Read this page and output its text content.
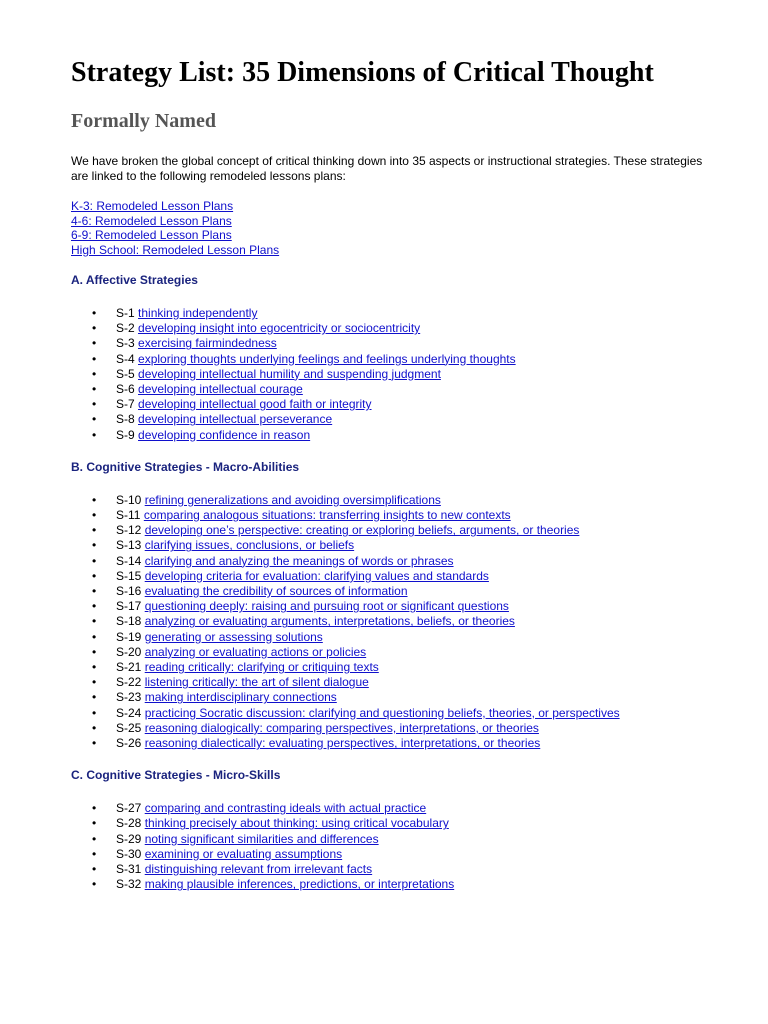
Strategy List: 35 Dimensions of Critical Thought
Formally Named

We have broken the global concept of critical thinking down into 35 aspects or instructional strategies. These strategies are linked to the following remodeled lessons plans:

K-3: Remodeled Lesson Plans
4-6: Remodeled Lesson Plans
6-9: Remodeled Lesson Plans
High School: Remodeled Lesson Plans
A. Affective Strategies
• S-1 thinking independently
• S-2 developing insight into egocentricity or sociocentricity
• S-3 exercising fairmindedness
• S-4 exploring thoughts underlying feelings and feelings underlying thoughts
• S-5 developing intellectual humility and suspending judgment
• S-6 developing intellectual courage
• S-7 developing intellectual good faith or integrity
• S-8 developing intellectual perseverance
• S-9 developing confidence in reason
B. Cognitive Strategies - Macro-Abilities
• S-10 refining generalizations and avoiding oversimplifications
• S-11 comparing analogous situations: transferring insights to new contexts
• S-12 developing one’s perspective: creating or exploring beliefs, arguments, or theories
• S-13 clarifying issues, conclusions, or beliefs
• S-14 clarifying and analyzing the meanings of words or phrases
• S-15 developing criteria for evaluation: clarifying values and standards
• S-16 evaluating the credibility of sources of information
• S-17 questioning deeply: raising and pursuing root or significant questions
• S-18 analyzing or evaluating arguments, interpretations, beliefs, or theories
• S-19 generating or assessing solutions
• S-20 analyzing or evaluating actions or policies
• S-21 reading critically: clarifying or critiquing texts
• S-22 listening critically: the art of silent dialogue
• S-23 making interdisciplinary connections
• S-24 practicing Socratic discussion: clarifying and questioning beliefs, theories, or perspectives
• S-25 reasoning dialogically: comparing perspectives, interpretations, or theories
• S-26 reasoning dialectically: evaluating perspectives, interpretations, or theories
C. Cognitive Strategies - Micro-Skills
• S-27 comparing and contrasting ideals with actual practice
• S-28 thinking precisely about thinking: using critical vocabulary
• S-29 noting significant similarities and differences
• S-30 examining or evaluating assumptions
• S-31 distinguishing relevant from irrelevant facts
• S-32 making plausible inferences, predictions, or interpretations
